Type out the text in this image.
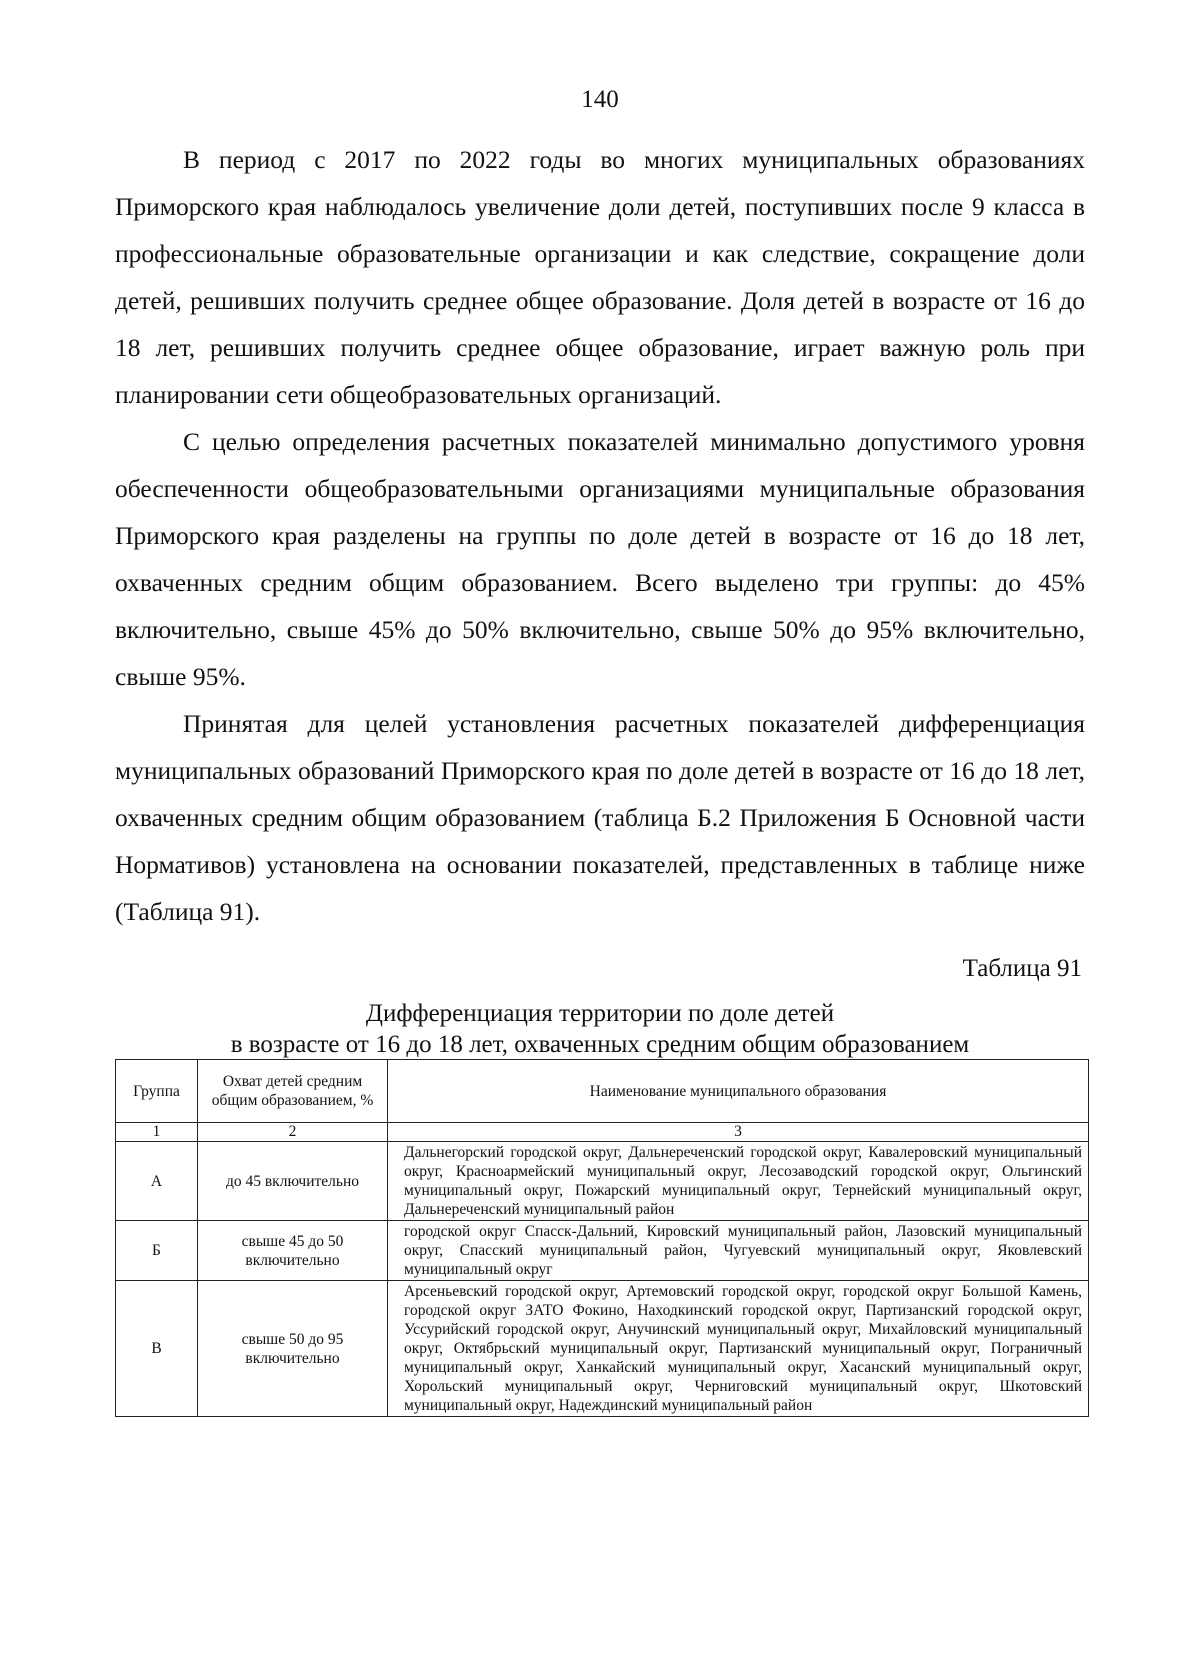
140

В период с 2017 по 2022 годы во многих муниципальных образованиях Приморского края наблюдалось увеличение доли детей, поступивших после 9 класса в профессиональные образовательные организации и как следствие, сокращение доли детей, решивших получить среднее общее образование. Доля детей в возрасте от 16 до 18 лет, решивших получить среднее общее образование, играет важную роль при планировании сети общеобразовательных организаций.

С целью определения расчетных показателей минимально допустимого уровня обеспеченности общеобразовательными организациями муниципальные образования Приморского края разделены на группы по доле детей в возрасте от 16 до 18 лет, охваченных средним общим образованием. Всего выделено три группы: до 45% включительно, свыше 45% до 50% включительно, свыше 50% до 95% включительно, свыше 95%.

Принятая для целей установления расчетных показателей дифференциация муниципальных образований Приморского края по доле детей в возрасте от 16 до 18 лет, охваченных средним общим образованием (таблица Б.2 Приложения Б Основной части Нормативов) установлена на основании показателей, представленных в таблице ниже (Таблица 91).

Таблица 91
Дифференциация территории по доле детей
в возрасте от 16 до 18 лет, охваченных средним общим образованием
Группа	Охват детей средним общим образованием, %	Наименование муниципального образования
1	2	3
А	до 45 включительно	Дальнегорский городской округ, Дальнереченский городской округ, Кавалеровский муниципальный округ, Красноармейский муниципальный округ, Лесозаводский городской округ, Ольгинский муниципальный округ, Пожарский муниципальный округ, Тернейский муниципальный округ, Дальнереченский муниципальный район
Б	свыше 45 до 50 включительно	городской округ Спасск-Дальний, Кировский муниципальный район, Лазовский муниципальный округ, Спасский муниципальный район, Чугуевский муниципальный округ, Яковлевский муниципальный округ
В	свыше 50 до 95 включительно	Арсеньевский городской округ, Артемовский городской округ, городской округ Большой Камень, городской округ ЗАТО Фокино, Находкинский городской округ, Партизанский городской округ, Уссурийский городской округ, Анучинский муниципальный округ, Михайловский муниципальный округ, Октябрьский муниципальный округ, Партизанский муниципальный округ, Пограничный муниципальный округ, Ханкайский муниципальный округ, Хасанский муниципальный округ, Хорольский муниципальный округ, Черниговский муниципальный округ, Шкотовский муниципальный округ, Надеждинский муниципальный район
